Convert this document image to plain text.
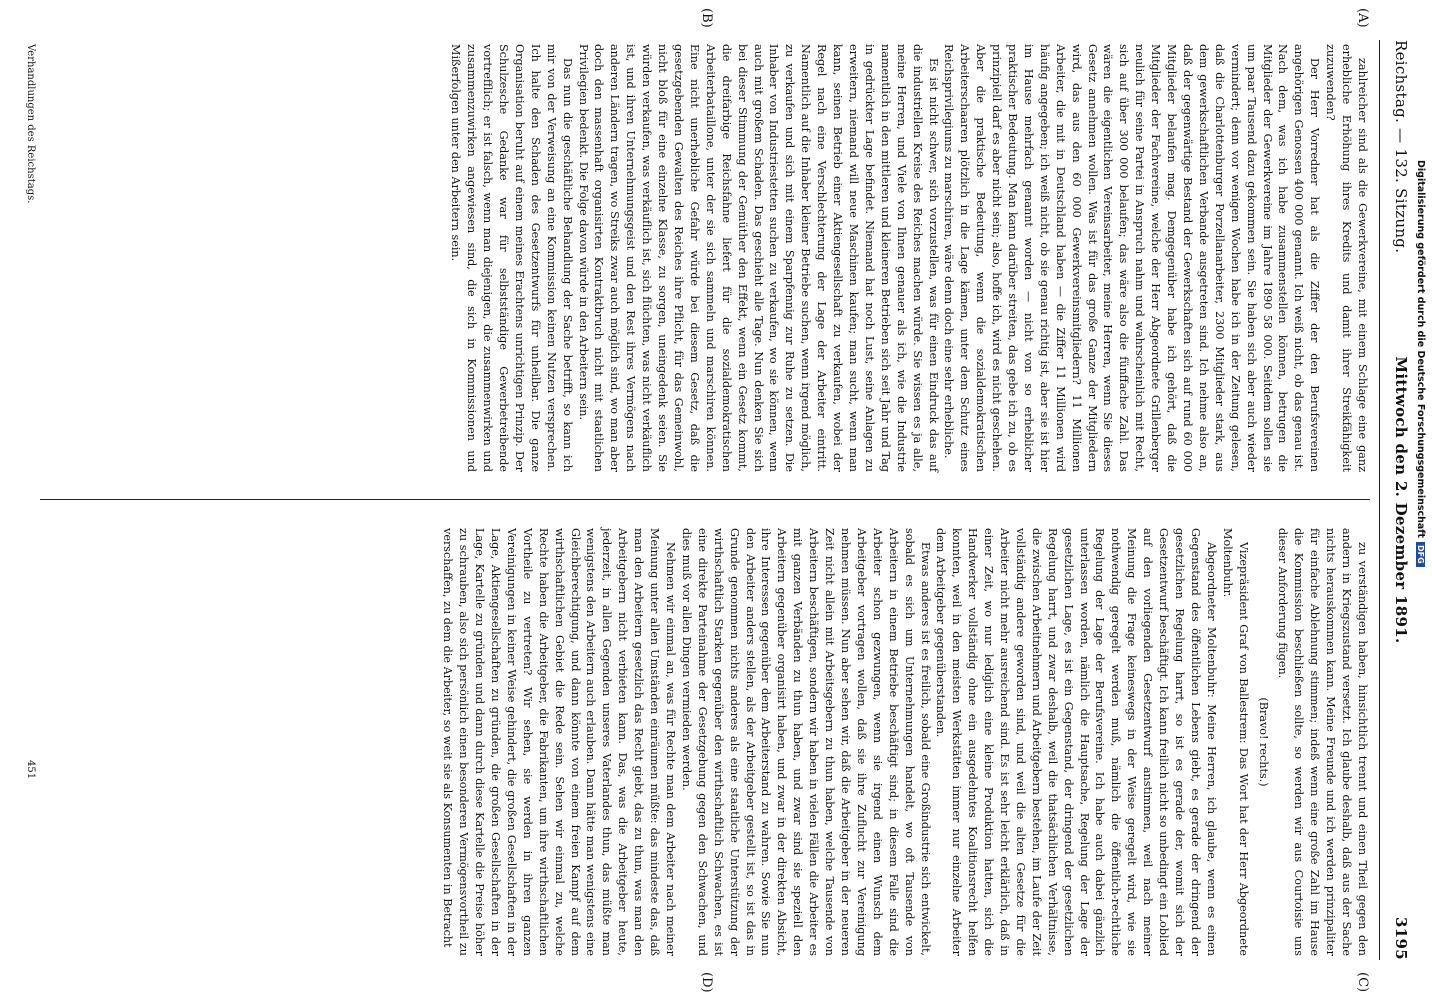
Reichstag. — 132. Sitzung.
Mittwoch den 2. Dezember 1891.
3195
(A)
(B)
(C)
(D)

zahlreicher sind als die Gewerkvereine, mit einem Schlage eine ganz erhebliche Erhöhung ihres Kredits und damit ihrer Streikfähigkeit zuzuwenden?

Der Herr Vorredner hat als die Ziffer der den Berufsvereinen angehörigen Genossen 400 000 genannt. Ich weiß nicht, ob das genau ist. Nach dem, was ich habe zusammenstellen können, betrugen die Mitglieder der Gewerkvereine im Jahre 1890 58 000. Seitdem sollen sie um paar Tausend dazu gekommen sein. Sie haben sich aber auch wieder vermindert; denn vor wenigen Wochen habe ich in der Zeitung gelesen, daß die Charlottenburger Porzellanarbeiter, 2300 Mitglieder stark, aus dem gewerkschaftlichen Verbande ausgetreten sind. Ich nehme also an, daß der gegenwärtige Bestand der Gewerkschaften sich auf rund 60 000 Mitglieder belaufen mag. Demgegenüber habe ich gehört, daß die Mitglieder der Fachvereine, welche der Herr Abgeordnete Grillenberger neulich für seine Partei in Anspruch nahm und wahrscheinlich mit Recht, sich auf über 300 000 belaufen; das wäre also die fünffache Zahl. Das wären die eigentlichen Vereinsarbeiter, meine Herren, wenn Sie dieses Gesetz annehmen wollen. Was ist für das große Ganze der Mitgliedern wird, das aus den 60 000 Gewerkvereinsmitgliedern? 11 Millionen Arbeiter, die mit in Deutschland haben — die Ziffer 11 Millionen wird häufig angegeben; ich weiß nicht, ob sie genau richtig ist, aber sie ist hier im Hause mehrfach genannt worden — nicht von so erheblicher praktischer Bedeutung. Man kann darüber streiten, das gebe ich zu, ob es prinzipiell darf es aber nicht sein; also, hoffe ich, wird es nicht geschehen. Aber die praktische Bedeutung, wenn die sozialdemokratischen Arbeiterschaaren plötzlich in die Lage kämen, unter dem Schutz eines Reichsprivilegiums zu marschiren, wäre denn doch eine sehr erhebliche.

Es ist nicht schwer, sich vorzustellen, was für einen Eindruck das auf die industriellen Kreise des Reiches machen würde. Sie wissen es ja alle, meine Herren, und Viele von Ihnen genauer als ich, wie die Industrie namentlich in den mittleren und kleineren Betrieben sich seit Jahr und Tag in gedrückter Lage befindet. Niemand hat noch Lust, seine Anlagen zu erweitern, niemand will neue Maschinen kaufen; man sucht, wenn man kann, seinen Betrieb einer Aktiengesellschaft zu verkaufen, wobei der Regel nach eine Verschlechterung der Lage der Arbeiter eintritt. Namentlich auf die Inhaber kleiner Betriebe suchen, wenn irgend möglich, zu verkaufen und sich mit einem Sparpfennig zur Ruhe zu setzen. Die Inhaber von Industriestetten suchen zu verkaufen, wo sie können, wenn auch mit großem Schaden. Das geschieht alle Tage. Nun denken Sie sich bei dieser Stimmung der Gemüther den Effekt, wenn ein Gesetz kommt, die dreifarbige Reichsfahne liefert für die sozialdemokratischen Arbeiterbataillone, unter der sie sich sammeln und marschiren können. Eine nicht unerhebliche Gefahr würde bei diesem Gesetz, daß die gesetzgebenden Gewalten des Reiches ihre Pflicht, für das Gemeinwohl, nicht bloß für eine einzelne Klasse, zu sorgen, uneingedenk seien. Sie würden verkaufen, was verkäuflich ist, sich flüchten, was nicht verkäuflich ist, und ihren Unternehmungsgeist und den Rest ihres Vermögens nach anderen Ländern tragen, wo Streiks zwar auch möglich sind, wo man aber doch den massenhaft organisirten Kontraktbruch nicht mit staatlichen Privilegien bedenkt. Die Folge davon würde in den Arbeitern sein.

Das nun die geschäftliche Behandlung der Sache betrifft, so kann ich mir von der Verweisung an eine Kommission keinen Nutzen versprechen. Ich halte den Schaden des Gesetzentwurfs für unheilbar. Die ganze Organisation beruht auf einem meines Erachtens unrichtigen Prinzip. Der Schulzesche Gedanke war für selbstständige Gewerbetreibende vortrefflich; er ist falsch, wenn man diejenigen, die zusammenwirken und zusammenzuwirken angewiesen sind, die sich in Kommissionen und Mißerfolgen unter den Arbeitern sein.

zu verständigen haben, hinsichtlich trennt und einen Theil gegen den andern in Kriegszustand versetzt. Ich glaube deshalb, daß aus der Sache nichts herauskommen kann. Meine Freunde und ich werden prinzipaliter für einfache Ablehnung stimmen; indeß wenn eine große Zahl im Hause die Kommission beschließen sollte, so werden wir aus Courtoisie uns dieser Anforderung fügen.

(Bravo! rechts.)

Vizepräsident Graf von Ballestrem: Das Wort hat der Herr Abgeordnete Moltenbuhr.

Abgeordneter Moltenbuhr: Meine Herren, ich glaube, wenn es einen Gegenstand des öffentlichen Lebens giebt, es gerade der dringend der gesetzlichen Regelung harrt, so ist es gerade der, womit sich der Gesetzentwurf beschäftigt. Ich kann freilich nicht so unbedingt ein Loblied auf den vorliegenden Gesetzentwurf anstimmen, weil nach meiner Meinung die Frage keineswegs in der Weise geregelt wird, wie sie nothwendig geregelt werden muß, nämlich die öffentlich-rechtliche Regelung der Lage der Berufsvereine. Ich habe auch dabei gänzlich unterlassen worden, nämlich die Hauptsache, Regelung der Lage der gesetzlichen Lage, es ist ein Gegenstand, der dringend der gesetzlichen Regelung harrt, und zwar deshalb, weil die thatsächlichen Verhältnisse, die zwischen Arbeitnehmern und Arbeitgebern bestehen, im Laufe der Zeit vollständig andere geworden sind, und weil die alten Gesetze für die Arbeiter nicht mehr ausreichend sind. Es ist sehr leicht erklärlich, daß in einer Zeit, wo nur lediglich eine kleine Produktion hatten, sich die Handwerker vollständig ohne ein ausgedehntes Koalitionsrecht helfen konnten, weil in den meisten Werkstätten immer nur einzelne Arbeiter dem Arbeitgeber gegenüberstanden.

Etwas anderes ist es freilich, sobald eine Großindustrie sich entwickelt, sobald es sich um Unternehmungen handelt, wo oft Tausende von Arbeitern in einem Betriebe beschäftigt sind; in diesem Falle sind die Arbeiter schon gezwungen, wenn sie irgend einen Wunsch dem Arbeitgeber vortragen wollen, daß sie ihre Zuflucht zur Vereinigung nehmen müssen. Nun aber sehen wir, daß die Arbeitgeber in der neueren Zeit nicht allein mit Arbeitsgebern zu thun haben, welche Tausende von Arbeitern beschäftigen, sondern wir haben in vielen Fällen die Arbeiter es mit ganzen Verbänden zu thun haben, und zwar sind sie speziell den Arbeitern gegenüber organisirt haben, und zwar in der direkten Absicht, ihre Interessen gegenüber dem Arbeiterstand zu wahren. Sowie Sie nun den Arbeiter anders stellen, als der Arbeitgeber gestellt ist, so ist das in Grunde genommen nichts anderes als eine staatliche Unterstützung der wirthschaftlich Starken gegenüber den wirthschaftlich Schwachen, es ist eine direkte Parteinahme der Gesetzgebung gegen den Schwachen, und dies muß vor allen Dingen vermieden werden.

Nehmen wir einmal an, was für Rechte man dem Arbeiter nach meiner Meinung unter allen Umständen einräumen müßte: das mindeste das, daß man den Arbeitern gesetzlich das Recht giebt, das zu thun, was man den Arbeitgebern nicht verbieten kann. Das, was die Arbeitgeber heute, jederzeit, in allen Gegenden unseres Vaterlandes thun, das müßte man wenigstens den Arbeitern auch erlauben. Dann hätte man wenigstens eine Gleichberechtigung, und dann könnte von einem freien Kampf auf dem wirthschaftlichen Gebiet die Rede sein. Sehen wir einmal zu, welche Rechte haben die Arbeitgeber, die Fabrikanten, um ihre wirthschaftlichen Vortheile zu vertreten? Wir sehen, sie werden in ihren ganzen Vereinigungen in keiner Weise gehindert, die großen Gesellschaften in der Lage, Aktiengesellschaften zu gründen, die großen Gesellschaften in der Lage, Kartelle zu gründen und dann durch diese Kartelle die Preise höher zu schrauben, also sich persönlich einen besonderen Vermögensvortheil zu verschaffen, zu dem die Arbeiter, so weit sie als Konsumenten in Betracht

Verhandlungen des Reichstags.
451
Digitalisierung gefördert durch die Deutsche ForschungsgemeinschaftDFG
